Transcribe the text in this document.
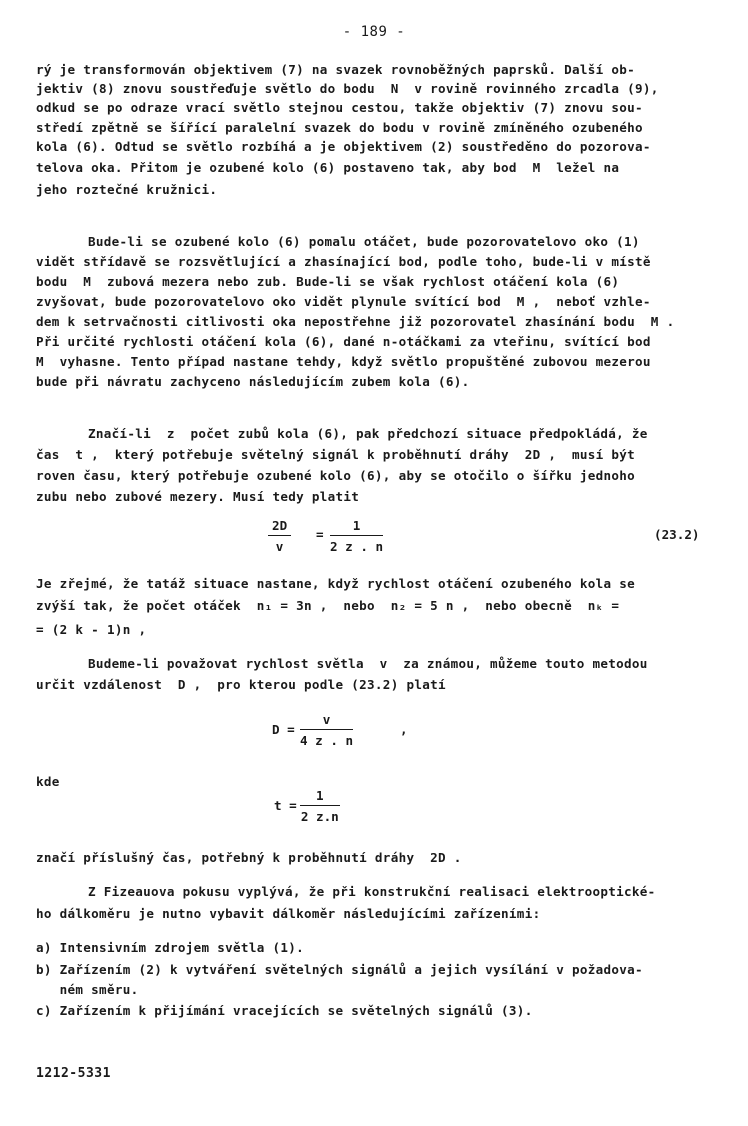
- 189 -
rý je transformován objektivem (7) na svazek rovnoběžných paprsků. Další ob-
jektiv (8) znovu soustřeďuje světlo do bodu  N  v rovině rovinného zrcadla (9),
odkud se po odraze vrací světlo stejnou cestou, takže objektiv (7) znovu sou-
středí zpětně se šířící paralelní svazek do bodu v rovině zmíněného ozubeného
kola (6). Odtud se světlo rozbíhá a je objektivem (2) soustředěno do pozorova-
telova oka. Přitom je ozubené kolo (6) postaveno tak, aby bod  M  ležel na
jeho roztečné kružnici.
Bude-li se ozubené kolo (6) pomalu otáčet, bude pozorovatelovo oko (1)
vidět střídavě se rozsvětlující a zhasínající bod, podle toho, bude-li v místě
bodu  M  zubová mezera nebo zub. Bude-li se však rychlost otáčení kola (6)
zvyšovat, bude pozorovatelovo oko vidět plynule svítící bod  M ,  neboť vzhle-
dem k setrvačnosti citlivosti oka nepostřehne již pozorovatel zhasínání bodu  M .
Při určité rychlosti otáčení kola (6), dané n-otáčkami za vteřinu, svítící bod
M  vyhasne. Tento případ nastane tehdy, když světlo propuštěné zubovou mezerou
bude při návratu zachyceno následujícím zubem kola (6).
Značí-li  z  počet zubů kola (6), pak předchozí situace předpokládá, že
čas  t ,  který potřebuje světelný signál k proběhnutí dráhy  2D ,  musí být
roven času, který potřebuje ozubené kolo (6), aby se otočilo o šířku jednoho
zubu nebo zubové mezery. Musí tedy platit
$\frac{2D}{v} = \frac{1}{2 z . n}$	(23.2)
Je zřejmé, že tatáž situace nastane, když rychlost otáčení ozubeného kola se
zvýší tak, že počet otáček  n₁ = 3n ,  nebo  n₂ = 5 n ,  nebo obecně  nₖ =
= (2 k - 1)n ,
Budeme-li považovat rychlost světla  v  za známou, můžeme touto metodou
určit vzdálenost  D ,  pro kterou podle (23.2) platí
$D = \frac{v}{4 z . n}$	,
kde
$t = \frac{1}{2 z.n}$
značí příslušný čas, potřebný k proběhnutí dráhy  2D .
Z Fizeauova pokusu vyplývá, že při konstrukční realisaci elektrooptické-
ho dálkoměru je nutno vybavit dálkoměr následujícími zařízeními:
a) Intensivním zdrojem světla (1).
b) Zařízením (2) k vytváření světelných signálů a jejich vysílání v požadova-
ném směru.
c) Zařízením k přijímání vracejících se světelných signálů (3).
1212-5331
